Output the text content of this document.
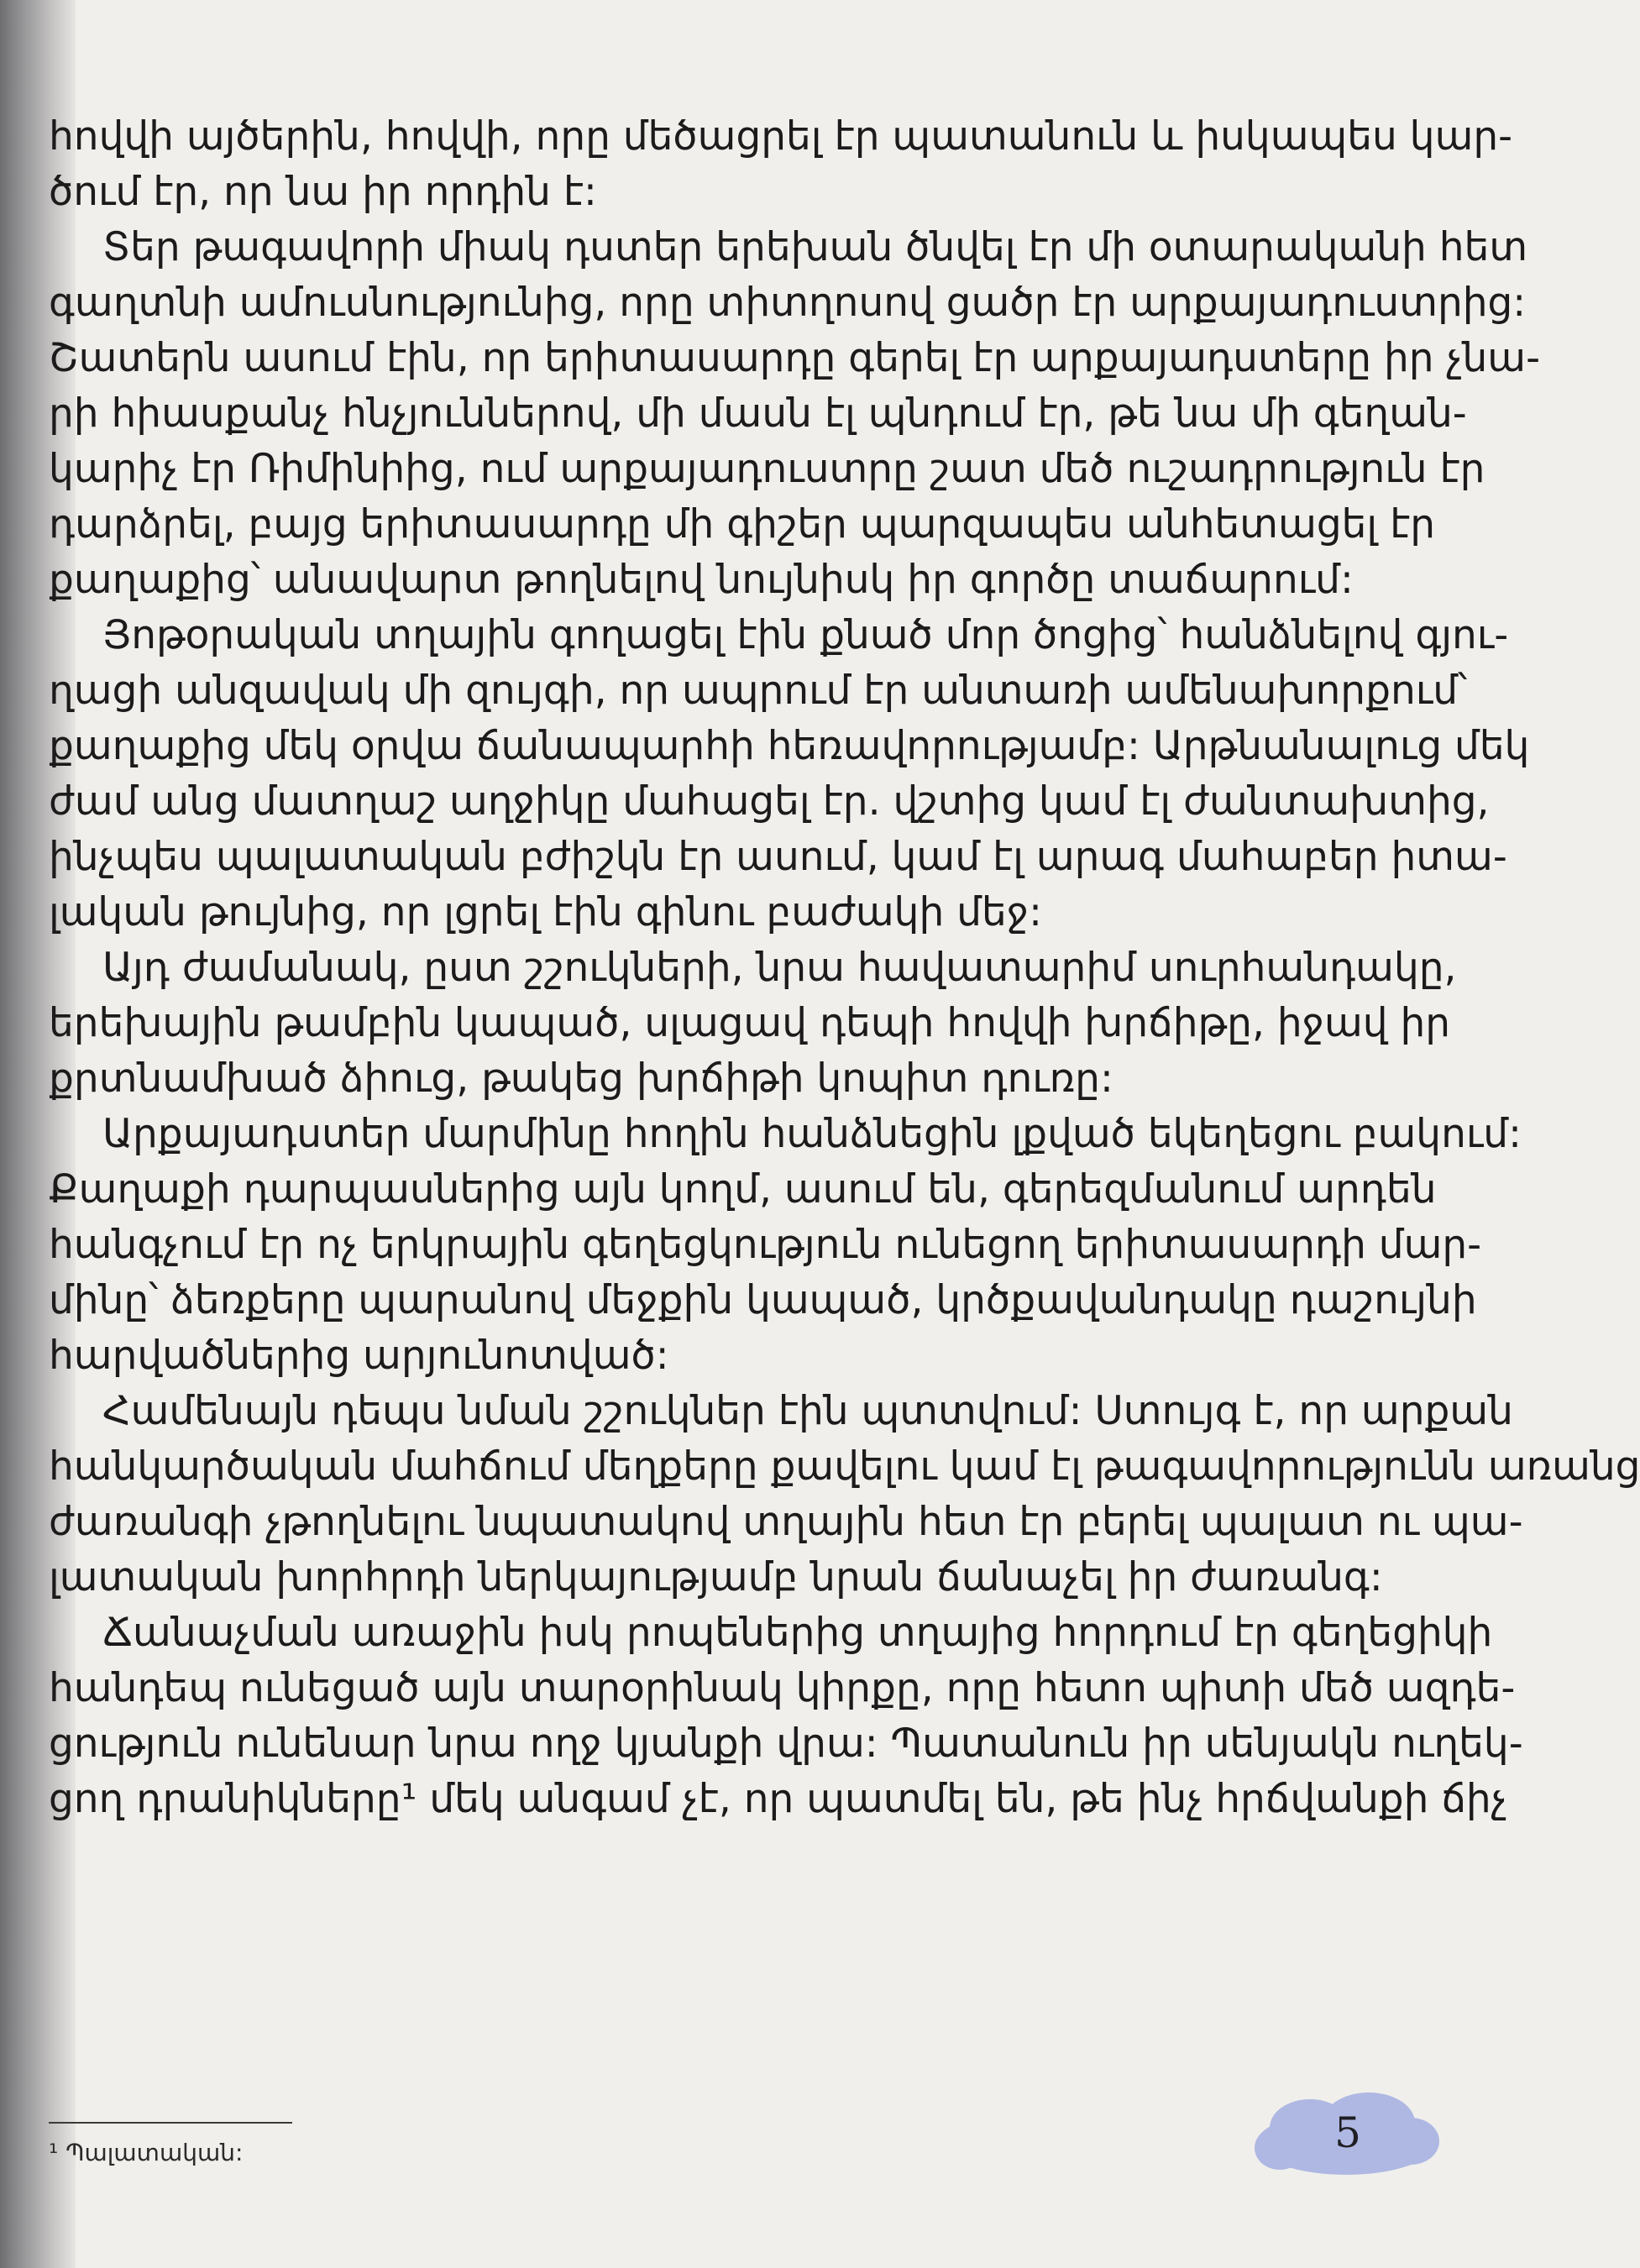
հովվի այծերին, հովվի, որը մեծացրել էր պատանուն և իսկապես կար-
ծում էր, որ նա իր որդին է:
Տեր թագավորի միակ դստեր երեխան ծնվել էր մի օտարականի հետ
գաղտնի ամուսնությունից, որը տիտղոսով ցածր էր արքայադուստրից:
Շատերն ասում էին, որ երիտասարդը գերել էր արքայադստերը իր չնա-
րի հիասքանչ հնչյուններով, մի մասն էլ պնդում էր, թե նա մի գեղան-
կարիչ էր Ռիմինիից, ում արքայադուստրը շատ մեծ ուշադրություն էր
դարձրել, բայց երիտասարդը մի գիշեր պարզապես անհետացել էր
քաղաքից՝ անավարտ թողնելով նույնիսկ իր գործը տաճարում:
Յոթօրական տղային գողացել էին քնած մոր ծոցից՝ հանձնելով գյու-
ղացի անզավակ մի զույգի, որ ապրում էր անտառի ամենախորքում՝
քաղաքից մեկ օրվա ճանապարհի հեռավորությամբ: Արթնանալուց մեկ
ժամ անց մատղաշ աղջիկը մահացել էր. վշտից կամ էլ ժանտախտից,
ինչպես պալատական բժիշկն էր ասում, կամ էլ արագ մահաբեր իտա-
լական թույնից, որ լցրել էին գինու բաժակի մեջ:
Այդ ժամանակ, ըստ շշուկների, նրա հավատարիմ սուրհանդակը,
երեխային թամբին կապած, սլացավ դեպի հովվի խրճիթը, իջավ իր
քրտնամխած ձիուց, թակեց խրճիթի կոպիտ դուռը:
Արքայադստեր մարմինը հողին հանձնեցին լքված եկեղեցու բակում:
Քաղաքի դարպասներից այն կողմ, ասում են, գերեզմանում արդեն
հանգչում էր ոչ երկրային գեղեցկություն ունեցող երիտասարդի մար-
մինը՝ ձեռքերը պարանով մեջքին կապած, կրծքավանդակը դաշույնի
հարվածներից արյունոտված:
Համենայն դեպս նման շշուկներ էին պտտվում: Ստույգ է, որ արքան
հանկարծական մահճում մեղքերը քավելու կամ էլ թագավորությունն առանց
ժառանգի չթողնելու նպատակով տղային հետ էր բերել պալատ ու պա-
լատական խորհրդի ներկայությամբ նրան ճանաչել իր ժառանգ:
Ճանաչման առաջին իսկ րոպեներից տղայից հորդում էր գեղեցիկի
հանդեպ ունեցած այն տարօրինակ կիրքը, որը հետո պիտի մեծ ազդե-
ցություն ունենար նրա ողջ կյանքի վրա: Պատանուն իր սենյակն ուղեկ-
ցող դրանիկները¹ մեկ անգամ չէ, որ պատմել են, թե ինչ հրճվանքի ճիչ
¹ Պալատական:	5
